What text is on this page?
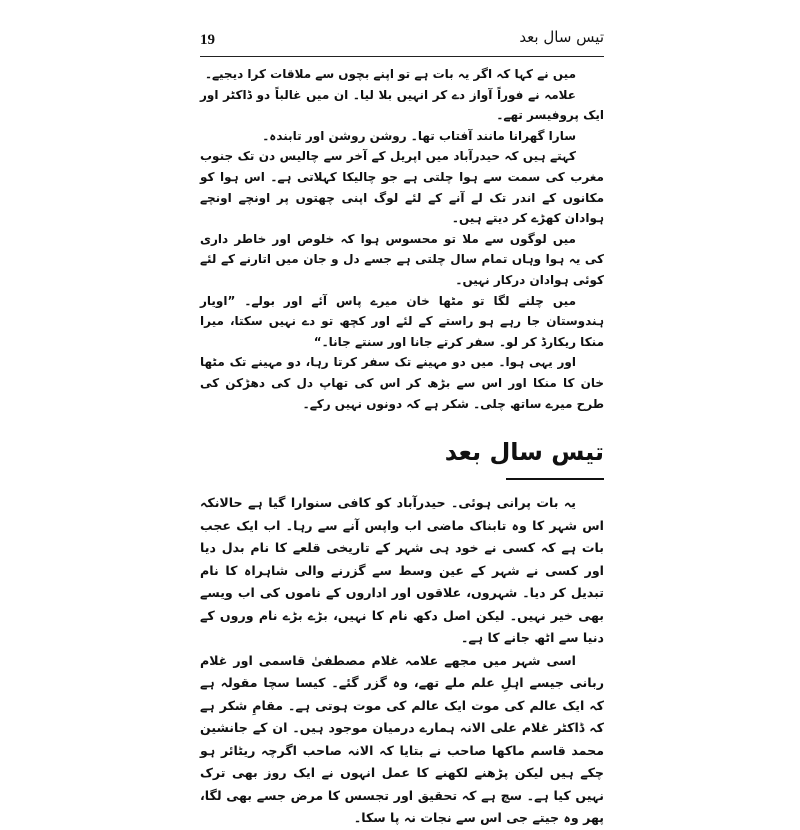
19	تیس سال بعد

میں نے کہا کہ اگر یہ بات ہے تو اپنے بچوں سے ملاقات کرا دیجیے۔

علامہ نے فوراً آواز دے کر انہیں بلا لیا۔ ان میں غالباً دو ڈاکٹر اور ایک پروفیسر تھے۔

سارا گھرانا مانند آفتاب تھا۔ روشن روشن اور تابندہ۔

کہتے ہیں کہ حیدرآباد میں اپریل کے آخر سے چالیس دن تک جنوب مغرب کی سمت سے ہوا چلتی ہے جو چالیکا کہلاتی ہے۔ اس ہوا کو مکانوں کے اندر تک لے آنے کے لئے لوگ اپنی چھتوں پر اونچے اونچے ہوادان کھڑے کر دیتے ہیں۔

میں لوگوں سے ملا تو محسوس ہوا کہ خلوص اور خاطر داری کی یہ ہوا وہاں تمام سال چلتی ہے جسے دل و جان میں اتارنے کے لئے کوئی ہوادان درکار نہیں۔

میں چلنے لگا تو مٹھا خان میرے پاس آئے اور بولے۔ ”اویار ہندوستان جا رہے ہو راستے کے لئے اور کچھ تو دے نہیں سکتا، میرا منکا ریکارڈ کر لو۔ سفر کرتے جانا اور سنتے جانا۔“

اور یہی ہوا۔ میں دو مہینے تک سفر کرتا رہا، دو مہینے تک مٹھا خان کا منکا اور اس سے بڑھ کر اس کی تھاپ دل کی دھڑکن کی طرح میرے ساتھ چلی۔ شکر ہے کہ دونوں نہیں رکے۔

تیس سال بعد

یہ بات پرانی ہوئی۔ حیدرآباد کو کافی سنوارا گیا ہے حالانکہ اس شہر کا وہ تابناک ماضی اب واپس آنے سے رہا۔ اب ایک عجب بات ہے کہ کسی نے خود ہی شہر کے تاریخی قلعے کا نام بدل دیا اور کسی نے شہر کے عین وسط سے گزرنے والی شاہراہ کا نام تبدیل کر دیا۔ شہروں، علاقوں اور اداروں کے ناموں کی اب ویسے بھی خیر نہیں۔ لیکن اصل دکھ نام کا نہیں، بڑے بڑے نام وروں کے دنیا سے اٹھ جانے کا ہے۔

اسی شہر میں مجھے علامہ غلام مصطفیٰ قاسمی اور غلام ربانی جیسے اہلِ علم ملے تھے، وہ گزر گئے۔ کیسا سچا مقولہ ہے کہ ایک عالم کی موت ایک عالم کی موت ہوتی ہے۔ مقامِ شکر ہے کہ ڈاکٹر غلام علی الانہ ہمارے درمیان موجود ہیں۔ ان کے جانشین محمد قاسم ماکھا صاحب نے بتایا کہ الانہ صاحب اگرچہ ریٹائر ہو چکے ہیں لیکن پڑھنے لکھنے کا عمل انہوں نے ایک روز بھی ترک نہیں کیا ہے۔ سچ ہے کہ تحقیق اور تجسس کا مرض جسے بھی لگا، پھر وہ جیتے جی اس سے نجات نہ پا سکا۔
